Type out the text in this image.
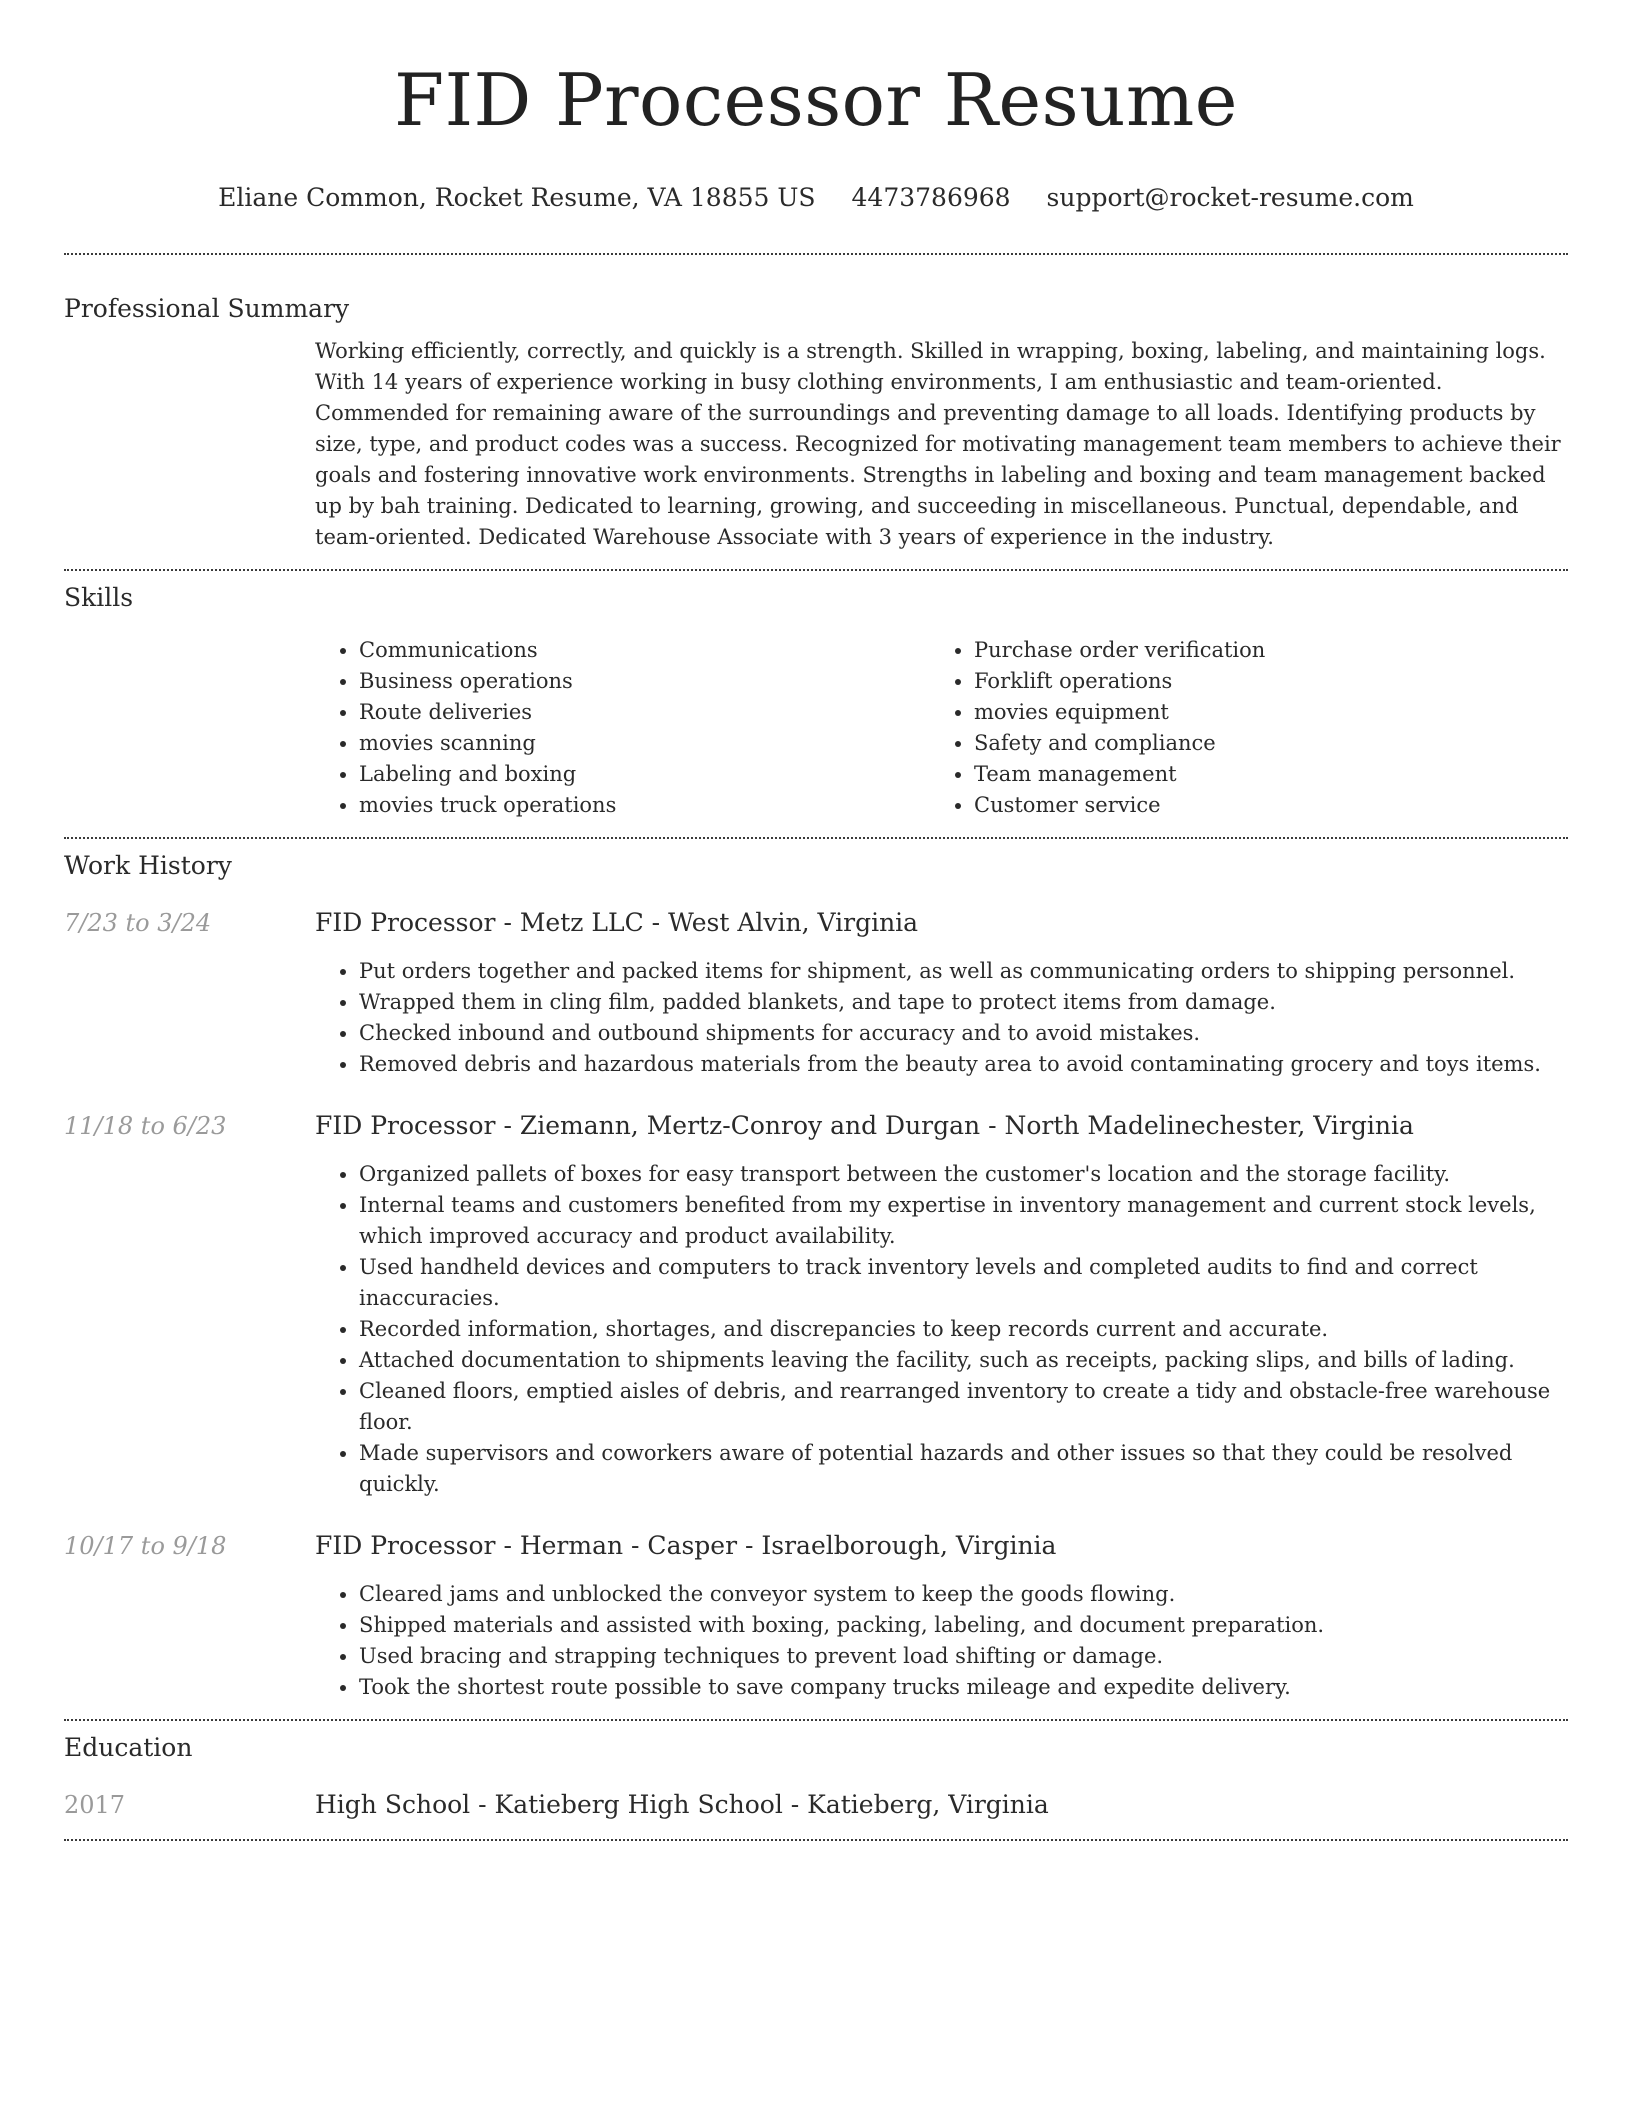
FID Processor Resume
Eliane Common, Rocket Resume, VA 18855 US 4473786968 support@rocket-resume.com
Professional Summary
Working efficiently, correctly, and quickly is a strength. Skilled in wrapping, boxing, labeling, and maintaining logs. With 14 years of experience working in busy clothing environments, I am enthusiastic and team-oriented. Commended for remaining aware of the surroundings and preventing damage to all loads. Identifying products by size, type, and product codes was a success. Recognized for motivating management team members to achieve their goals and fostering innovative work environments. Strengths in labeling and boxing and team management backed up by bah training. Dedicated to learning, growing, and succeeding in miscellaneous. Punctual, dependable, and team-oriented. Dedicated Warehouse Associate with 3 years of experience in the industry.
Skills
• Communications
• Business operations
• Route deliveries
• movies scanning
• Labeling and boxing
• movies truck operations
• Purchase order verification
• Forklift operations
• movies equipment
• Safety and compliance
• Team management
• Customer service
Work History
7/23 to 3/24	FID Processor - Metz LLC - West Alvin, Virginia
• Put orders together and packed items for shipment, as well as communicating orders to shipping personnel.
• Wrapped them in cling film, padded blankets, and tape to protect items from damage.
• Checked inbound and outbound shipments for accuracy and to avoid mistakes.
• Removed debris and hazardous materials from the beauty area to avoid contaminating grocery and toys items.
11/18 to 6/23	FID Processor - Ziemann, Mertz-Conroy and Durgan - North Madelinechester, Virginia
• Organized pallets of boxes for easy transport between the customer's location and the storage facility.
• Internal teams and customers benefited from my expertise in inventory management and current stock levels, which improved accuracy and product availability.
• Used handheld devices and computers to track inventory levels and completed audits to find and correct inaccuracies.
• Recorded information, shortages, and discrepancies to keep records current and accurate.
• Attached documentation to shipments leaving the facility, such as receipts, packing slips, and bills of lading.
• Cleaned floors, emptied aisles of debris, and rearranged inventory to create a tidy and obstacle-free warehouse floor.
• Made supervisors and coworkers aware of potential hazards and other issues so that they could be resolved quickly.
10/17 to 9/18	FID Processor - Herman - Casper - Israelborough, Virginia
• Cleared jams and unblocked the conveyor system to keep the goods flowing.
• Shipped materials and assisted with boxing, packing, labeling, and document preparation.
• Used bracing and strapping techniques to prevent load shifting or damage.
• Took the shortest route possible to save company trucks mileage and expedite delivery.
Education
2017	High School - Katieberg High School - Katieberg, Virginia
